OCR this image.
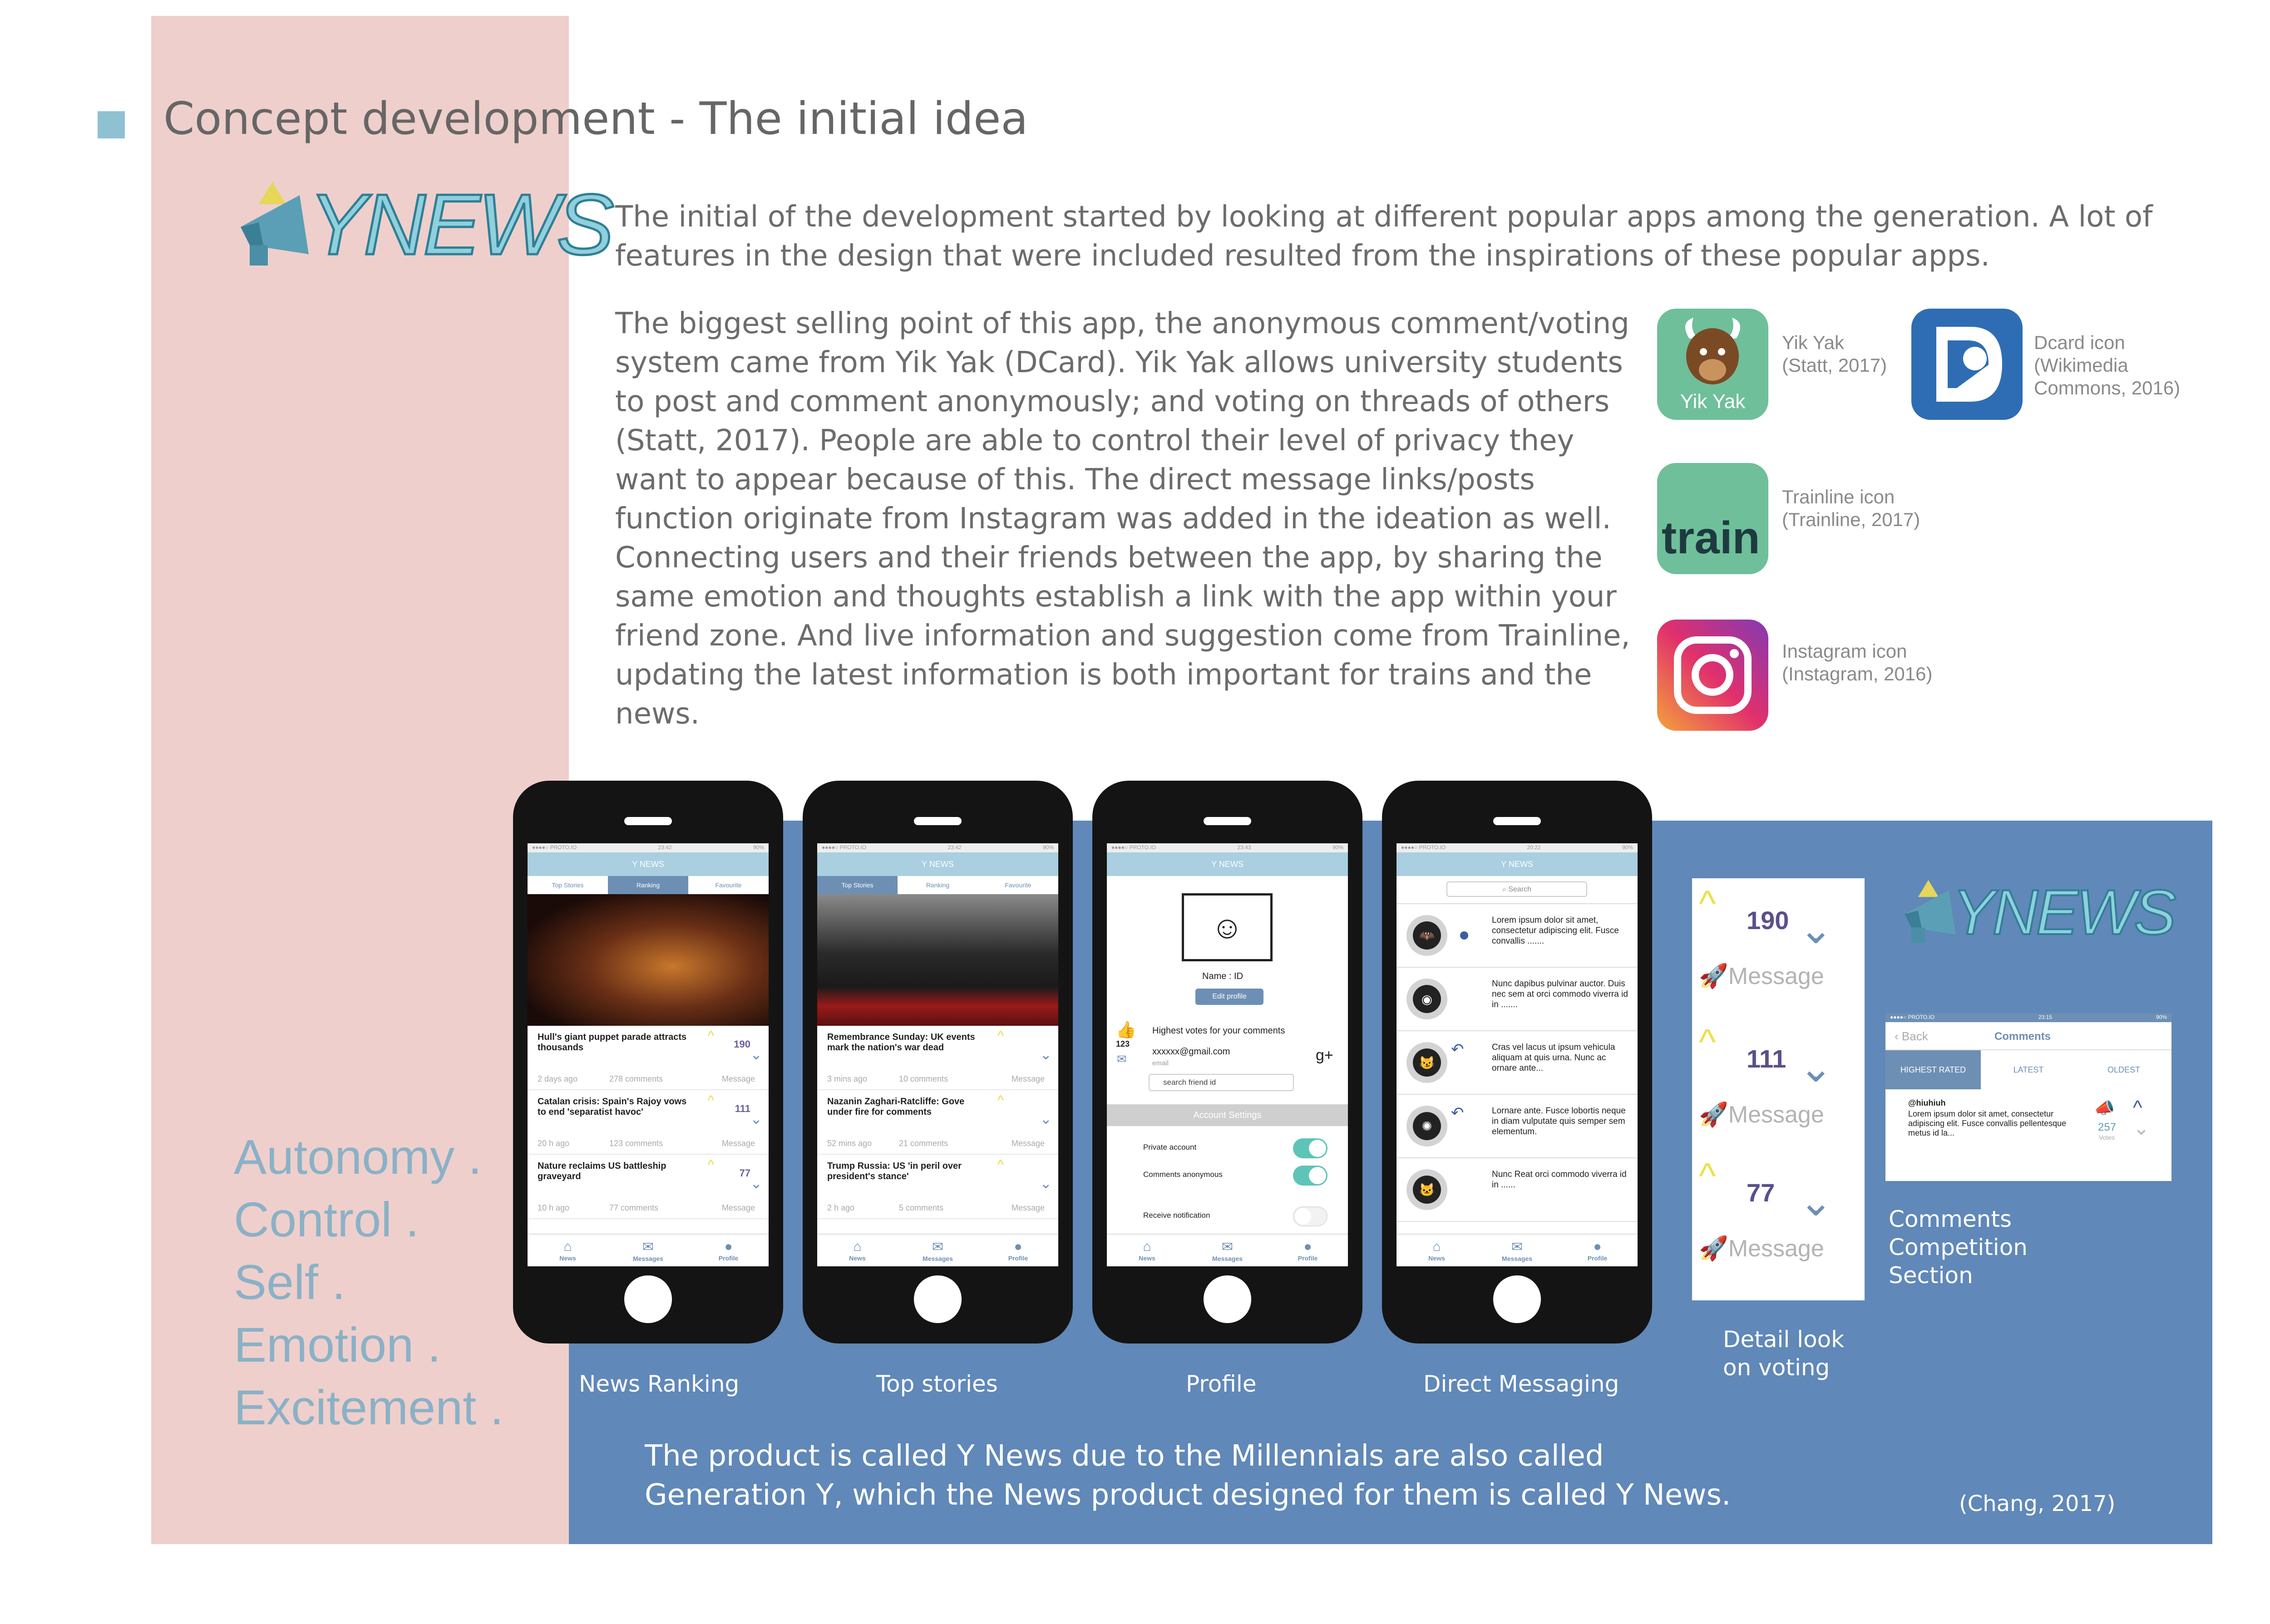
Concept development - The initial idea
YNEWS The initial of the development started by looking at different popular apps among the generation. A lot of features in the design that were included resulted from the inspirations of these popular apps.
The biggest selling point of this app, the anonymous comment/voting system came from Yik Yak (DCard). Yik Yak allows university students to post and comment anonymously; and voting on threads of others (Statt, 2017). People are able to control their level of privacy they want to appear because of this. The direct message links/posts function originate from Instagram was added in the ideation as well. Connecting users and their friends between the app, by sharing the same emotion and thoughts establish a link with the app within your friend zone. And live information and suggestion come from Trainline, updating the latest information is both important for trains and the news.
Yik Yak
Yik Yak
(Statt, 2017)
Dcard icon
(Wikimedia
Commons, 2016)
train
Trainline icon
(Trainline, 2017)
Instagram icon
(Instagram, 2016)
Autonomy .
Control .
Self .
Emotion .
Excitement .
●●●●○ PROTO.IO	23:42	90%
Y NEWS
Top Stories	Ranking	Favourite
Hull's giant puppet parade attracts thousands
^
190
⌄
2 days ago	278 comments	Message
Catalan crisis: Spain's Rajoy vows to end 'separatist havoc'
^
111
⌄
20 h ago	123 comments	Message
Nature reclaims US battleship graveyard
^
77
⌄
10 h ago	77 comments	Message
⌂
News
✉
Messages
●
Profile
●●●●○ PROTO.IO	23:42	90%
Y NEWS
Top Stories	Ranking	Favourite
Remembrance Sunday: UK events mark the nation's war dead
^
⌄
3 mins ago	10 comments	Message
Nazanin Zaghari-Ratcliffe: Gove under fire for comments
^
⌄
52 mins ago	21 comments	Message
Trump Russia: US 'in peril over president's stance'
^
⌄
2 h ago	5 comments	Message
⌂
News
✉
Messages
●
Profile
●●●●○ PROTO.IO	23:43	90%
Y NEWS
☺
Name : ID
Edit profile
👍
123
Highest votes for your comments
✉
xxxxxx@gmail.com
email	g+
search friend id
Account Settings
Private account
Comments anonymous
Receive notification
⌂
News
✉
Messages
●
Profile
●●●●○ PROTO.IO	20:22	90%
Y NEWS
⌕ Search
🦇
Lorem ipsum dolor sit amet, consectetur adipiscing elit. Fusce convallis .......
◉
Nunc dapibus pulvinar auctor. Duis nec sem at orci commodo viverra id in .......
😼
↶	Cras vel lacus ut ipsum vehicula aliquam at quis urna. Nunc ac ornare ante...
✺
↶	Lornare ante. Fusce lobortis neque in diam vulputate quis semper sem elementum.
🐱
Nunc Reat orci commodo viverra id in ......
⌂
News
✉
Messages
●
Profile
News Ranking	Top stories	Profile	Direct Messaging
^ 190 ⌄
🚀Message
^ 111 ⌄
🚀Message
^ 77 ⌄
🚀Message
Detail look
on voting
YNEWS
●●●●○ PROTO.IO	23:15	90%
‹ Back	Comments
HIGHEST RATED	LATEST	OLDEST
@hiuhiuh
Lorem ipsum dolor sit amet, consectetur adipiscing elit. Fusce convallis pellentesque metus id la...
📣
257
Votes
^
⌄
Comments
Competition
Section
The product is called Y News due to the Millennials are also called Generation Y, which the News product designed for them is called Y News.	(Chang, 2017)
